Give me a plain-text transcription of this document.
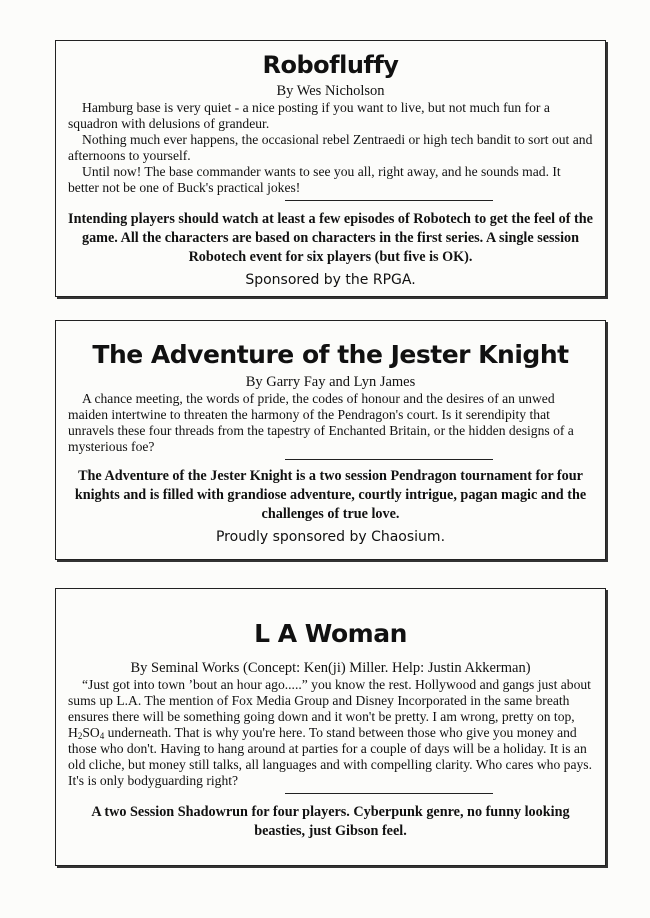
Robofluffy
By Wes Nicholson

Hamburg base is very quiet - a nice posting if you want to live, but not much fun for a squadron with delusions of grandeur.

Nothing much ever happens, the occasional rebel Zentraedi or high tech bandit to sort out and afternoons to yourself.

Until now! The base commander wants to see you all, right away, and he sounds mad. It better not be one of Buck's practical jokes!

Intending players should watch at least a few episodes of Robotech to get the feel of the game. All the characters are based on characters in the first series. A single session Robotech event for six players (but five is OK).
Sponsored by the RPGA.
The Adventure of the Jester Knight
By Garry Fay and Lyn James

A chance meeting, the words of pride, the codes of honour and the desires of an unwed maiden intertwine to threaten the harmony of the Pendragon's court. Is it serendipity that unravels these four threads from the tapestry of Enchanted Britain, or the hidden designs of a mysterious foe?

The Adventure of the Jester Knight is a two session Pendragon tournament for four knights and is filled with grandiose adventure, courtly intrigue, pagan magic and the challenges of true love.
Proudly sponsored by Chaosium.
L A Woman
By Seminal Works (Concept: Ken(ji) Miller. Help: Justin Akkerman)

“Just got into town ’bout an hour ago.....” you know the rest. Hollywood and gangs just about sums up L.A. The mention of Fox Media Group and Disney Incorporated in the same breath ensures there will be something going down and it won't be pretty. I am wrong, pretty on top, $H_2SO_4$ underneath. That is why you're here. To stand between those who give you money and those who don't. Having to hang around at parties for a couple of days will be a holiday. It is an old cliche, but money still talks, all languages and with compelling clarity. Who cares who pays. It's is only bodyguarding right?

A two Session Shadowrun for four players. Cyberpunk genre, no funny looking beasties, just Gibson feel.
